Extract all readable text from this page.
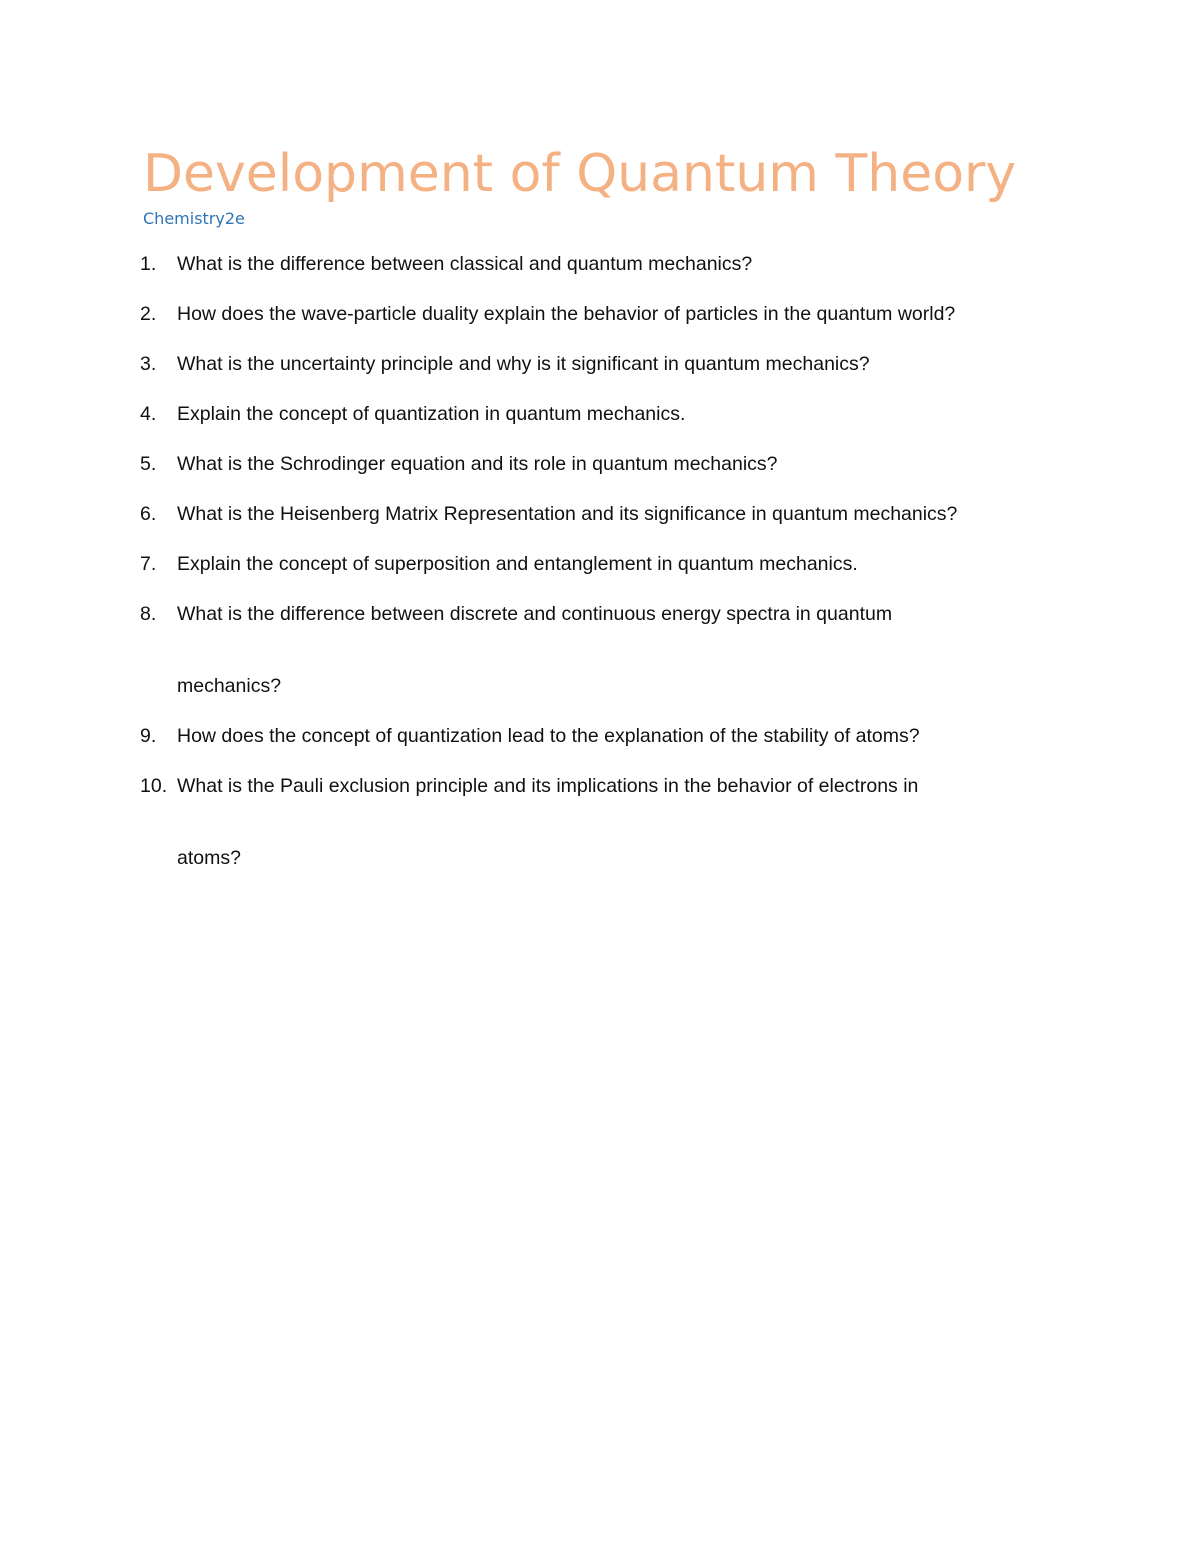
Development of Quantum Theory

Chemistry2e

1. What is the difference between classical and quantum mechanics?
2. How does the wave-particle duality explain the behavior of particles in the quantum world?
3. What is the uncertainty principle and why is it significant in quantum mechanics?
4. Explain the concept of quantization in quantum mechanics.
5. What is the Schrodinger equation and its role in quantum mechanics?
6. What is the Heisenberg Matrix Representation and its significance in quantum mechanics?
7. Explain the concept of superposition and entanglement in quantum mechanics.
8. What is the difference between discrete and continuous energy spectra in quantum
mechanics?
9. How does the concept of quantization lead to the explanation of the stability of atoms?
10. What is the Pauli exclusion principle and its implications in the behavior of electrons in
atoms?
